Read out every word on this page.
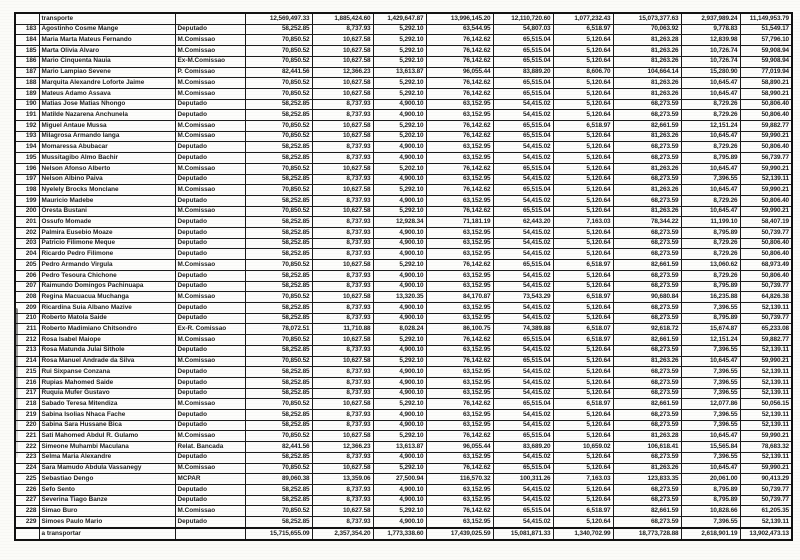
	transporte		12,569,497.33	1,885,424.60	1,429,647.87	13,996,145.20	12,110,720.60	1,077,232.43	15,073,377.63	2,937,989.24	11,149,953.79
183	Agostinho Cosme Mange	Deputado	58,252.85	8,737.93	5,292.10	63,544.95	54,807.03	6,518.97	70,063.92	9,778.83	51,549.17
184	Maria Marta Mateus Fernando	M.Comissao	70,850.52	10,627.58	5,292.10	76,142.62	65,515.04	5,120.64	81,263.28	12,839.98	57,796.10
185	Marta Olivia Alvaro	M.Comissao	70,850.52	10,627.58	5,292.10	76,142.62	65,515.04	5,120.64	81,263.26	10,726.74	59,908.94
186	Mario Cinquenta Nauia	Ex-M.Comissao	70,850.52	10,627.58	5,292.10	76,142.62	65,515.04	5,120.64	81,263.26	10,726.74	59,908.94
187	Mario Lampiao Sevene	P. Comissao	82,441.56	12,366.23	13,613.87	96,055.44	83,889.20	8,606.70	104,664.14	15,280.90	77,019.94
188	Marquita Alexandre Loforte Jaime	M.Comissao	70,850.52	10,627.58	5,292.10	76,142.62	65,515.04	5,120.64	81,263.26	10,645.47	58,890.21
189	Mateus Adamo Assava	M.Comissao	70,850.52	10,627.58	5,292.10	76,142.62	65,515.04	5,120.64	81,263.26	10,645.47	58,990.21
190	Matias Jose Matias Nhongo	Deputado	58,252.85	8,737.93	4,900.10	63,152.95	54,415.02	5,120.64	68,273.59	8,729.26	50,806.40
191	Matilde Nazarena Anchunela	Deputado	58,252.85	8,737.93	4,900.10	63,152.95	54,415.02	5,120.64	68,273.59	8,729.26	50,806.40
192	Miguel Antaue Mussa	M.Comissao	70,850.52	10,627.58	5,292.10	76,142.62	65,515.04	6,518.97	82,661.59	12,151.24	59,882.77
193	Milagrosa Armando Ianga	M.Comissao	70,850.52	10,627.58	5,202.10	76,142.62	65,515.04	5,120.64	81,263.26	10,645.47	59,990.21
194	Momaressa Abubacar	Deputado	58,252.85	8,737.93	4,900.10	63,152.95	54,415.02	5,120.64	68,273.59	8,729.26	50,806.40
195	Mussitagibo Almo Bachir	Deputado	58,252.85	8,737.93	4,900.10	63,152.95	54,415.02	5,120.64	68,273.59	8,795.89	56,739.77
196	Nelson Afonso Alberto	M.Comissao	70,850.52	10,627.58	5,202.10	76,142.62	65,515.04	5,120.64	81,263.26	10,645.47	59,990.21
197	Nelson Albino Paiva	Deputado	58,252.85	8,737.93	4,900.10	63,152.95	54,415.02	5,120.64	68,273.59	7,396.55	52,139.11
198	Nyelely Brocks Monclane	M.Comissao	70,850.52	10,627.58	5,292.10	76,142.62	65,515.04	5,120.64	81,263.26	10,645.47	59,990.21
199	Mauricio Madebe	Deputado	58,252.85	8,737.93	4,900.10	63,152.95	54,415.02	5,120.64	68,273.59	8,729.26	50,806.40
200	Oresta Bustani	M.Comissao	70,850.52	10,627.58	5,292.10	76,142.62	65,515.04	5,120.64	81,263.26	10,645.47	59,990.21
201	Ossufo Momade	Deputado	58,252.85	8,737.93	12,928.34	71,181.19	62,443.20	7,163.03	78,344.22	11,199.10	58,407.19
202	Palmira Eusebio Moaze	Deputado	58,252.85	8,737.93	4,900.10	63,152.95	54,415.02	5,120.64	68,273.59	8,795.89	50,739.77
203	Patricio Filimone Meque	Deputado	58,252.85	8,737.93	4,900.10	63,152.95	54,415.02	5,120.64	68,273.59	8,729.26	50,806.40
204	Ricardo Pedro Filimone	Deputado	58,252.85	8,737.93	4,900.10	63,152.95	54,415.02	5,120.64	68,273.59	8,729.26	50,806.40
205	Pedro Armando Virgula	M.Comissao	70,850.52	10,627.58	5,292.10	76,142.62	65,515.04	6,518.97	82,661.59	13,060.62	68,973.49
206	Pedro Tesoura Chichone	Deputado	58,252.85	8,737.93	4,900.10	63,152.95	54,415.02	5,120.64	68,273.59	8,729.26	50,806.40
207	Raimundo Domingos Pachinuapa	Deputado	58,252.85	8,737.93	4,900.10	63,152.95	54,415.02	5,120.64	68,273.59	8,795.89	50,739.77
208	Regina Macuacua Muchanga	M.Comissao	70,850.52	10,627.58	13,320.35	84,170.87	73,543.29	6,518.97	90,680.84	16,235.88	64,826.38
209	Ricardina Suia Albano Mazive	Deputado	58,252.85	8,737.93	4,900.10	63,152.95	54,415.02	5,120.64	68,273.59	7,396.55	52,139.11
210	Roberto Matola Saide	Deputado	58,252.85	8,737.93	4,900.10	63,152.95	54,415.02	5,120.64	68,273.59	8,795.89	50,739.77
211	Roberto Madimiano Chitsondro	Ex-R. Comissao	78,072.51	11,710.88	8,028.24	86,100.75	74,389.88	6,518.07	92,618.72	15,674.87	65,233.08
212	Rosa Isabel Maiope	M.Comissao	70,850.52	10,627.58	5,292.10	76,142.62	65,515.04	6,518.97	82,661.59	12,151.24	59,882.77
213	Rosa Matunda Julai Sithole	Deputado	58,252.85	8,737.93	4,900.10	63,152.95	54,415.02	5,120.64	68,273.59	7,396.55	52,139.11
214	Rosa Manuel Andrade da Silva	M.Comissao	70,850.52	10,627.58	5,292.10	76,142.62	65,515.04	5,120.64	81,263.26	10,645.47	59,990.21
215	Rui Sixpanse Conzana	Deputado	58,252.85	8,737.93	4,900.10	63,152.95	54,415.02	5,120.64	68,273.59	7,396.55	52,139.11
216	Rupias Mahomed Saide	Deputado	58,252.85	8,737.93	4,900.10	63,152.95	54,415.02	5,120.64	68,273.59	7,396.55	52,139.11
217	Ruquia Mufer Gustavo	Deputado	58,252.85	8,737.93	4,900.10	63,152.95	54,415.02	5,120.64	68,273.59	7,396.55	52,139.11
218	Sabado Teresa Mitendiza	M.Comissao	70,850.52	10,627.58	5,292.10	76,142.62	65,515.04	6,518.97	82,661.59	12,077.86	50,056.15
219	Sabina Isolias Nhaca Fache	Deputado	58,252.85	8,737.93	4,900.10	63,152.95	54,415.02	5,120.64	68,273.59	7,396.55	52,139.11
220	Sabina Sara Hussane Bica	Deputado	58,252.85	8,737.93	4,900.10	63,152.95	54,415.02	5,120.64	68,273.59	7,396.55	52,139.11
221	Sati Mahomed Abdul R. Gulamo	M.Comissao	70,850.52	10,627.58	5,292.10	76,142.62	65,515.04	5,120.64	81,263.28	10,645.47	59,990.21
222	Simeone Muhambi Maculana	Relat. Bancada	82,441.56	12,366.23	13,613.87	96,055.44	83,689.20	10,659.02	106,618.41	15,565.84	78,683.32
223	Selma Maria Alexandre	Deputado	58,252.85	8,737.93	4,900.10	63,152.95	54,415.02	5,120.64	68,273.59	7,396.55	52,139.11
224	Sara Mamudo Abdula Vassanegy	M.Comissao	70,850.52	10,627.58	5,292.10	76,142.62	65,515.04	5,120.64	81,263.26	10,645.47	59,990.21
225	Sebastiao Dengo	MCPAR	89,060.38	13,359.06	27,500.94	116,570.32	100,311.26	7,163.03	123,833.35	20,061.00	90,413.29
226	Sefo Sento	Deputado	58,252.85	8,737.93	4,900.10	63,152.95	54,415.02	5,120.64	68,273.59	8,795.89	50,739.77
227	Severina Tiago Banze	Deputado	58,252.85	8,737.93	4,900.10	63,152.95	54,415.02	5,120.64	68,273.59	8,795.89	50,739.77
228	Simao Buro	M.Comissao	70,850.52	10,627.58	5,292.10	76,142.62	65,515.04	6,518.97	82,661.59	10,828.66	61,205.35
229	Simoes Paulo Mario	Deputado	58,252.85	8,737.93	4,900.10	63,152.95	54,415.02	5,120.64	68,273.59	7,396.55	52,139.11
	a transportar		15,715,655.09	2,357,354.20	1,773,338.60	17,439,025.59	15,081,871.33	1,340,702.99	18,773,728.88	2,618,901.19	13,902,473.13
